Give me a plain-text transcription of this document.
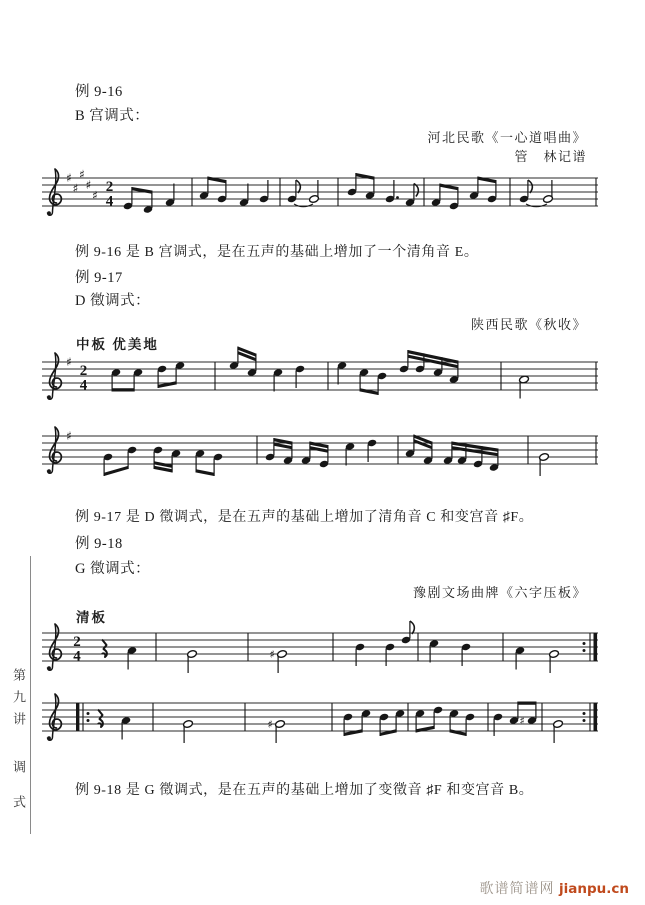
例 9-16
B 宫调式：
河北民歌《一心道唱曲》
管　林记谱
♯
♯
♯
♯
♯
2
4
例 9-16 是 B 宫调式，是在五声的基础上增加了一个清角音 E。
例 9-17
D 徵调式：
陕西民歌《秋收》
中板 优美地
♯
2
4
♯
例 9-17 是 D 徵调式，是在五声的基础上增加了清角音 C 和变宫音 ♯F。
例 9-18
G 徵调式：
豫剧文场曲牌《六字压板》
清板
2
4	♯
♯	♯
例 9-18 是 G 徵调式，是在五声的基础上增加了变徵音 ♯F 和变宫音 B。
第九讲
调
式
歌谱简谱网 jianpu.cn
